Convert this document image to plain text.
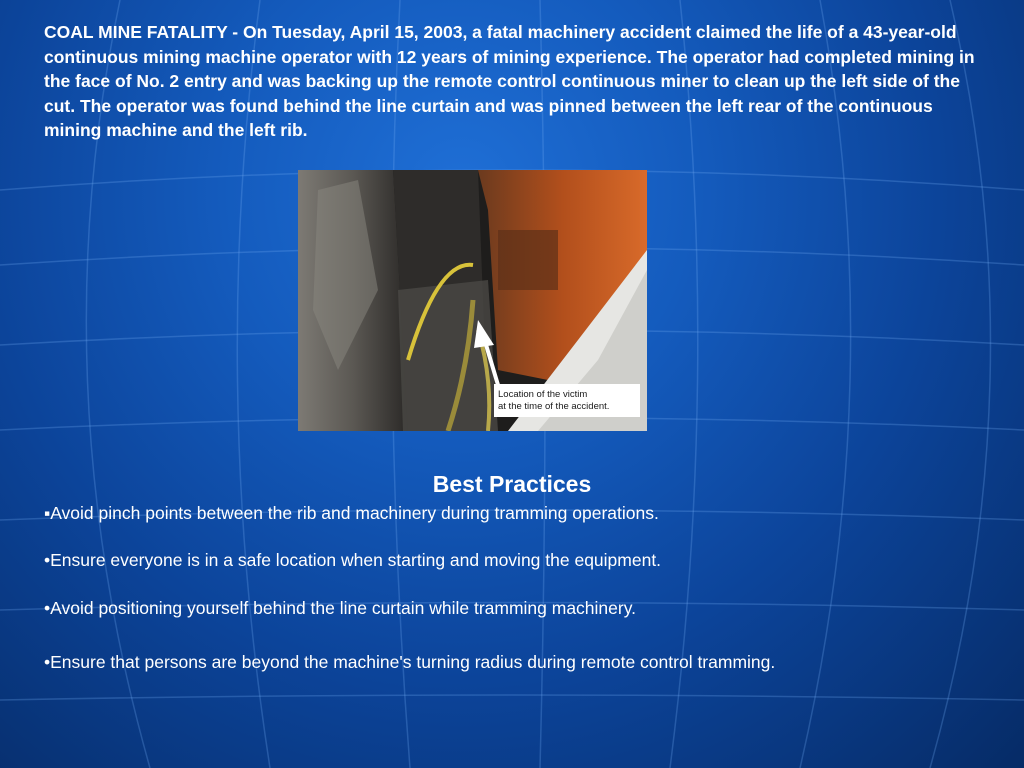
COAL MINE FATALITY - On Tuesday, April 15, 2003, a fatal machinery accident claimed the life of a 43-year-old continuous mining machine operator with 12 years of mining experience. The operator had completed mining in the face of No. 2 entry and was backing up the remote control continuous miner to clean up the left side of the cut. The operator was found behind the line curtain and was pinned between the left rear of the continuous mining machine and the left rib.

Location of the victim
at the time of the accident.
Best Practices

▪Avoid pinch points between the rib and machinery during tramming operations.

•Ensure everyone is in a safe location when starting and moving the equipment.

•Avoid positioning yourself behind the line curtain while tramming machinery.

•Ensure that persons are beyond the machine's turning radius during remote control tramming.
